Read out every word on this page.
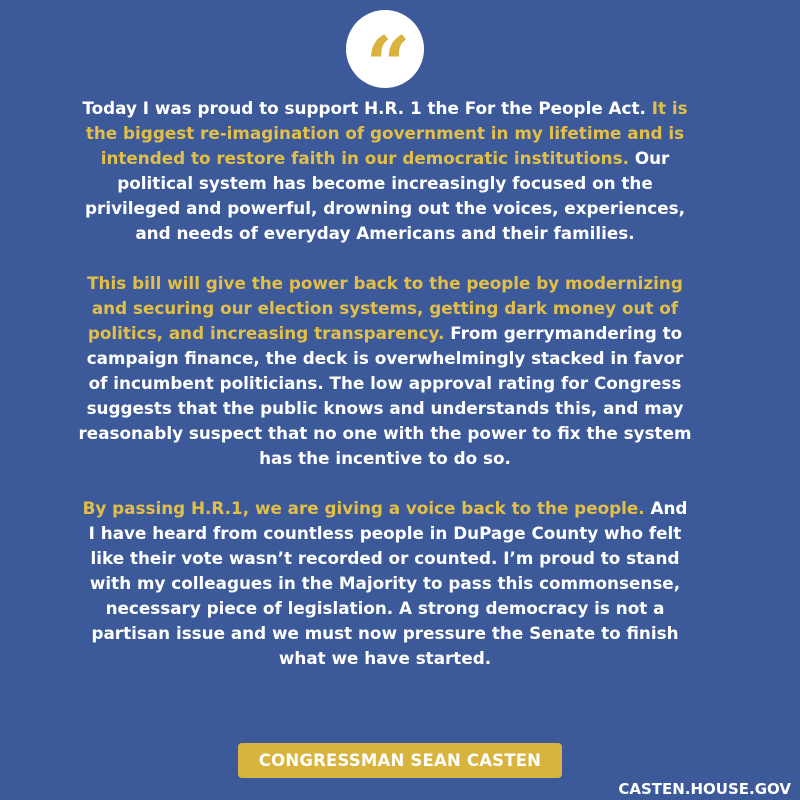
“

Today I was proud to support H.R. 1 the For the People Act. It is the biggest re-imagination of government in my lifetime and is intended to restore faith in our democratic institutions. Our political system has become increasingly focused on the privileged and powerful, drowning out the voices, experiences, and needs of everyday Americans and their families.

This bill will give the power back to the people by modernizing and securing our election systems, getting dark money out of politics, and increasing transparency. From gerrymandering to campaign finance, the deck is overwhelmingly stacked in favor of incumbent politicians. The low approval rating for Congress suggests that the public knows and understands this, and may reasonably suspect that no one with the power to fix the system has the incentive to do so.

By passing H.R.1, we are giving a voice back to the people. And I have heard from countless people in DuPage County who felt like their vote wasn’t recorded or counted. I’m proud to stand with my colleagues in the Majority to pass this commonsense, necessary piece of legislation. A strong democracy is not a partisan issue and we must now pressure the Senate to finish what we have started.

CONGRESSMAN SEAN CASTEN
CASTEN.HOUSE.GOV
